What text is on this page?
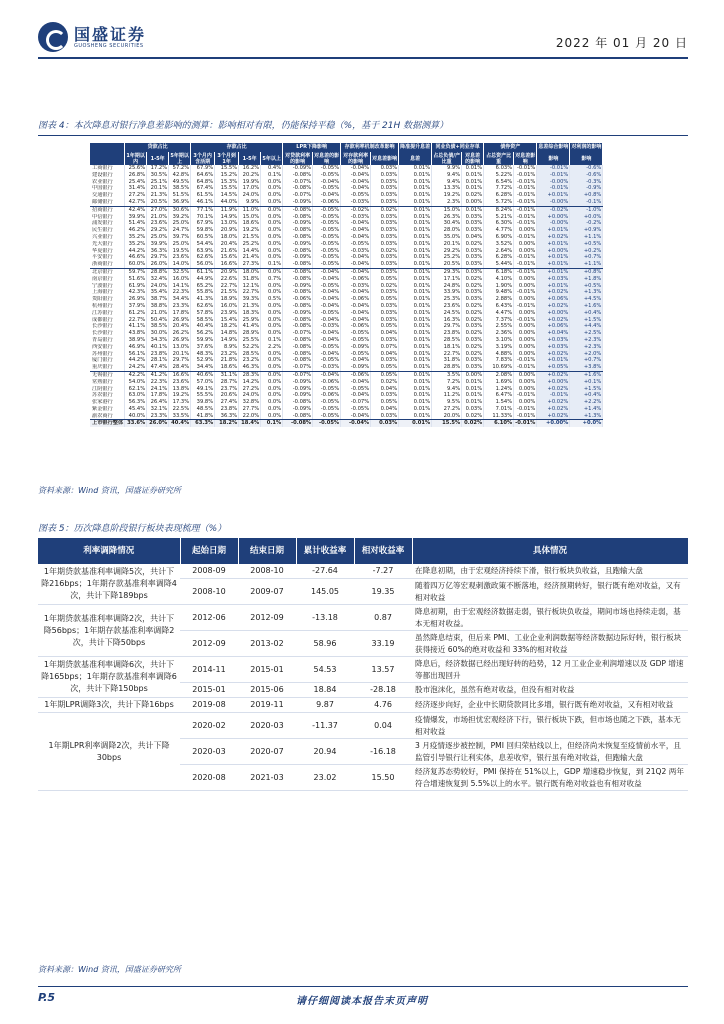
国盛证券
GUOSHENG SECURITIES	2022 年 01 月 20 日
图表 4：本次降息对银行净息差影响的测算：影响相对有限，仍能保持平稳（%，基于 21H 数据测算）
	贷款占比			存款占比				LPR下降影响		存款利率机制改革影响		降准提升息差	同业负债+同业存单		债券资产		息差综合影响	对利润的影响
	1年期以内	1-5年	5年期以上	3个月内含活期	3个月到1年	1-5年	5年以上	对贷款利率的影响	对息差的影响	对存款利率的影响	对息差影响	息差	占总负债/产比重	对息差的影响	占总资产比重	对息差影响	影响	影响
工商银行	25.6%	17.2%	57.2%	67.9%	15.5%	16.2%	0.4%	-0.09%	-0.05%	-0.04%	0.03%	0.01%	9.9%	0.01%	6.03%	-0.01%	-0.01%	-0.6%
建设银行	26.8%	30.5%	42.8%	64.6%	15.2%	20.2%	0.1%	-0.08%	-0.05%	-0.04%	0.03%	0.01%	9.4%	0.01%	5.22%	-0.01%	-0.01%	-0.6%
农业银行	25.4%	25.1%	49.5%	64.8%	15.3%	19.9%	0.0%	-0.07%	-0.04%	-0.04%	0.03%	0.01%	9.4%	0.01%	6.54%	-0.01%	-0.00%	-0.3%
中国银行	31.4%	20.1%	38.5%	67.4%	15.5%	17.0%	0.0%	-0.08%	-0.05%	-0.04%	0.03%	0.01%	13.3%	0.01%	7.72%	-0.01%	-0.01%	-0.9%
交通银行	27.2%	21.3%	51.5%	61.5%	14.5%	24.0%	0.0%	-0.07%	-0.04%	-0.05%	0.03%	0.01%	19.2%	0.02%	6.28%	-0.01%	+0.01%	+0.8%
邮储银行	42.7%	20.5%	36.9%	46.1%	44.0%	9.9%	0.0%	-0.09%	-0.06%	-0.03%	0.03%	0.01%	2.3%	0.00%	5.72%	-0.01%	-0.00%	-0.1%
招商银行	42.4%	27.0%	30.6%	77.1%	11.9%	11.0%	0.0%	-0.08%	-0.05%	-0.02%	0.02%	0.01%	15.0%	0.01%	8.24%	-0.01%	-0.02%	-1.0%
中信银行	39.9%	21.0%	39.2%	70.1%	14.9%	15.0%	0.0%	-0.08%	-0.05%	-0.03%	0.03%	0.01%	26.3%	0.03%	5.21%	-0.01%	+0.00%	+0.0%
浦发银行	51.4%	23.6%	25.0%	67.9%	13.0%	18.6%	0.0%	-0.09%	-0.05%	-0.04%	0.03%	0.01%	30.4%	0.03%	6.30%	-0.01%	-0.00%	-0.2%
民生银行	46.2%	29.2%	24.7%	59.8%	20.9%	19.2%	0.0%	-0.08%	-0.05%	-0.04%	0.03%	0.01%	28.0%	0.03%	4.77%	0.00%	+0.01%	+0.9%
兴业银行	35.2%	25.0%	39.7%	60.5%	18.0%	21.5%	0.0%	-0.08%	-0.05%	-0.04%	0.03%	0.01%	35.0%	0.04%	6.90%	-0.01%	+0.02%	+1.1%
光大银行	35.2%	39.9%	25.0%	54.4%	20.4%	25.2%	0.0%	-0.09%	-0.05%	-0.05%	0.03%	0.01%	20.1%	0.02%	3.52%	0.00%	+0.01%	+0.5%
华夏银行	44.2%	36.3%	19.5%	63.9%	21.6%	14.4%	0.0%	-0.08%	-0.05%	-0.03%	0.02%	0.01%	29.2%	0.03%	2.64%	0.00%	+0.00%	+0.2%
平安银行	46.6%	29.7%	23.6%	62.6%	15.6%	21.4%	0.0%	-0.09%	-0.05%	-0.04%	0.03%	0.01%	25.2%	0.03%	6.28%	-0.01%	+0.01%	+0.7%
浙商银行	60.0%	26.0%	14.0%	56.0%	16.6%	27.3%	0.1%	-0.08%	-0.05%	-0.04%	0.03%	0.01%	20.5%	0.03%	5.44%	-0.01%	+0.01%	+1.1%
北京银行	59.7%	28.8%	32.5%	61.1%	20.9%	18.0%	0.0%	-0.08%	-0.04%	-0.04%	0.03%	0.01%	29.3%	0.03%	6.18%	-0.01%	+0.01%	+0.8%
南京银行	51.6%	32.4%	16.0%	44.9%	22.6%	31.8%	0.7%	-0.08%	-0.04%	-0.06%	0.05%	0.01%	17.1%	0.02%	4.10%	0.00%	+0.03%	+1.8%
宁波银行	61.9%	24.0%	14.1%	65.2%	22.7%	12.1%	0.0%	-0.09%	-0.05%	-0.03%	0.02%	0.01%	24.8%	0.02%	1.90%	0.00%	+0.01%	+0.5%
上海银行	42.3%	35.4%	22.3%	55.8%	21.5%	22.7%	0.0%	-0.08%	-0.04%	-0.04%	0.03%	0.01%	33.9%	0.03%	9.48%	-0.01%	+0.02%	+1.3%
贵阳银行	26.9%	38.7%	34.4%	41.3%	18.9%	39.3%	0.5%	-0.06%	-0.04%	-0.06%	0.05%	0.01%	25.3%	0.03%	2.88%	0.00%	+0.06%	+4.5%
杭州银行	37.9%	38.8%	23.3%	62.6%	16.0%	21.3%	0.0%	-0.08%	-0.04%	-0.04%	0.03%	0.01%	23.6%	0.02%	6.43%	-0.01%	+0.02%	+1.6%
江苏银行	61.2%	21.0%	17.8%	57.8%	23.9%	18.3%	0.0%	-0.09%	-0.05%	-0.04%	0.03%	0.01%	24.5%	0.02%	4.47%	0.00%	+0.00%	+0.4%
成都银行	22.7%	50.4%	26.9%	58.5%	15.4%	25.9%	0.0%	-0.08%	-0.04%	-0.04%	0.03%	0.01%	16.3%	0.02%	7.37%	-0.01%	+0.02%	+1.5%
长沙银行	41.1%	38.5%	20.4%	40.4%	18.2%	41.4%	0.0%	-0.08%	-0.03%	-0.06%	0.05%	0.01%	29.7%	0.03%	2.55%	0.00%	+0.06%	+4.4%
长沙银行	43.8%	30.0%	26.2%	56.2%	14.8%	28.9%	0.0%	-0.07%	-0.04%	-0.05%	0.04%	0.01%	23.8%	0.02%	2.36%	0.00%	+0.04%	+2.5%
青岛银行	38.9%	34.3%	26.9%	59.9%	14.9%	25.5%	0.1%	-0.08%	-0.04%	-0.05%	0.03%	0.01%	28.5%	0.03%	3.10%	0.00%	+0.03%	+2.3%
西安银行	46.9%	40.1%	13.0%	37.6%	8.9%	52.2%	2.2%	-0.08%	-0.05%	-0.09%	0.07%	0.01%	18.1%	0.02%	3.19%	0.00%	+0.03%	+2.3%
苏州银行	56.1%	23.8%	20.1%	48.3%	23.2%	28.5%	0.0%	-0.08%	-0.04%	-0.05%	0.04%	0.01%	22.7%	0.02%	4.88%	0.00%	+0.02%	+2.0%
厦门银行	44.2%	28.1%	29.7%	52.9%	21.8%	23.2%	0.0%	-0.08%	-0.05%	-0.04%	0.03%	0.01%	31.8%	0.03%	7.83%	-0.01%	+0.01%	+0.7%
重庆银行	24.2%	47.4%	28.4%	34.4%	18.6%	46.3%	0.0%	-0.07%	-0.03%	-0.09%	0.05%	0.01%	28.8%	0.03%	10.69%	-0.01%	+0.05%	+3.8%
无锡银行	42.2%	41.2%	16.6%	40.6%	31.1%	28.3%	0.0%	-0.07%	-0.04%	-0.06%	0.05%	0.01%	3.5%	0.00%	2.08%	0.00%	+0.02%	+1.6%
常熟银行	54.0%	22.3%	23.6%	57.0%	28.7%	14.2%	0.0%	-0.09%	-0.06%	-0.04%	0.02%	0.01%	7.2%	0.01%	1.69%	0.00%	+0.00%	+0.1%
江阴银行	62.1%	24.1%	13.8%	49.1%	23.7%	27.2%	0.0%	-0.09%	-0.05%	-0.05%	0.04%	0.01%	9.4%	0.01%	1.24%	0.00%	+0.02%	+1.5%
苏农银行	63.0%	17.8%	19.2%	55.5%	20.6%	24.0%	0.0%	-0.09%	-0.06%	-0.04%	0.03%	0.01%	11.2%	0.01%	6.47%	-0.01%	-0.01%	+0.4%
张家港行	56.3%	26.4%	17.3%	39.8%	27.4%	32.8%	0.0%	-0.08%	-0.05%	-0.07%	0.05%	0.01%	9.5%	0.01%	1.54%	0.00%	+0.02%	+2.2%
紫金银行	45.4%	32.1%	22.5%	48.5%	23.8%	27.7%	0.0%	-0.09%	-0.05%	-0.05%	0.04%	0.01%	27.2%	0.03%	7.01%	-0.01%	+0.02%	+1.4%
渝农商行	40.0%	23.3%	33.5%	41.8%	36.3%	22.0%	0.0%	-0.08%	-0.05%	-0.04%	0.03%	0.01%	20.0%	0.02%	11.33%	-0.01%	+0.02%	+1.3%
上市银行整体	33.6%	26.0%	40.4%	63.3%	18.2%	18.4%	0.1%	-0.08%	-0.05%	-0.04%	0.03%	0.01%	15.5%	0.02%	6.10%	-0.01%	+0.00%	+0.0%
资料来源：Wind 资讯，国盛证券研究所
图表 5：历次降息阶段银行板块表现梳理（%）
利率调降情况	起始日期	结束日期	累计收益率	相对收益率	具体情况
1年期贷款基准利率调降5次，共计下降216bps；1年期存款基准利率调降4次，共计下降189bps	2008-09	2008-10	-27.64	-7.27	在降息初期，由于宏观经济持续下滑，银行板块负收益，且跑输大盘
	2008-10	2009-07	145.05	19.35	随着四万亿等宏观刺激政策不断落地，经济预期转好，银行既有绝对收益，又有相对收益
1年期贷款基准利率调降2次，共计下降56bps；1年期存款基准利率调降2次，共计下降50bps	2012-06	2012-09	-13.18	0.87	降息初期，由于宏观经济数据走弱，银行板块负收益，期间市场也持续走弱，基本无相对收益。
	2012-09	2013-02	58.96	33.19	虽然降息结束，但后来 PMI、工业企业利润数据等经济数据边际好转，银行板块获得接近 60%的绝对收益和 33%的相对收益
1年期贷款基准利率调降6次，共计下降165bps；1年期存款基准利率调降6次，共计下降150bps	2014-11	2015-01	54.53	13.57	降息后，经济数据已经出现好转的趋势，12 月工业企业利润增速以及 GDP 增速等都出现回升
	2015-01	2015-06	18.84	-28.18	股市泡沫化，虽然有绝对收益，但没有相对收益
1年期LPR调降3次，共计下降16bps	2019-08	2019-11	9.87	4.76	经济逐步向好，企业中长期贷款同比多增，银行既有绝对收益，又有相对收益
1年期LPR利率调降2次，共计下降30bps	2020-02	2020-03	-11.37	0.04	疫情爆发，市场担忧宏观经济下行，银行板块下跌，但市场也随之下跌，基本无相对收益
	2020-03	2020-07	20.94	-16.18	3 月疫情逐步被控制，PMI 回归荣枯线以上，但经济尚未恢复至疫情前水平，且监管引导银行让利实体，息差收窄，银行虽有绝对收益，但跑输大盘
	2020-08	2021-03	23.02	15.50	经济复苏态势较好，PMI 保持在 51%以上，GDP 增速稳步恢复，到 21Q2 两年符合增速恢复到 5.5%以上的水平。银行既有绝对收益也有相对收益
资料来源：Wind 资讯，国盛证券研究所
P.5	请仔细阅读本报告末页声明
